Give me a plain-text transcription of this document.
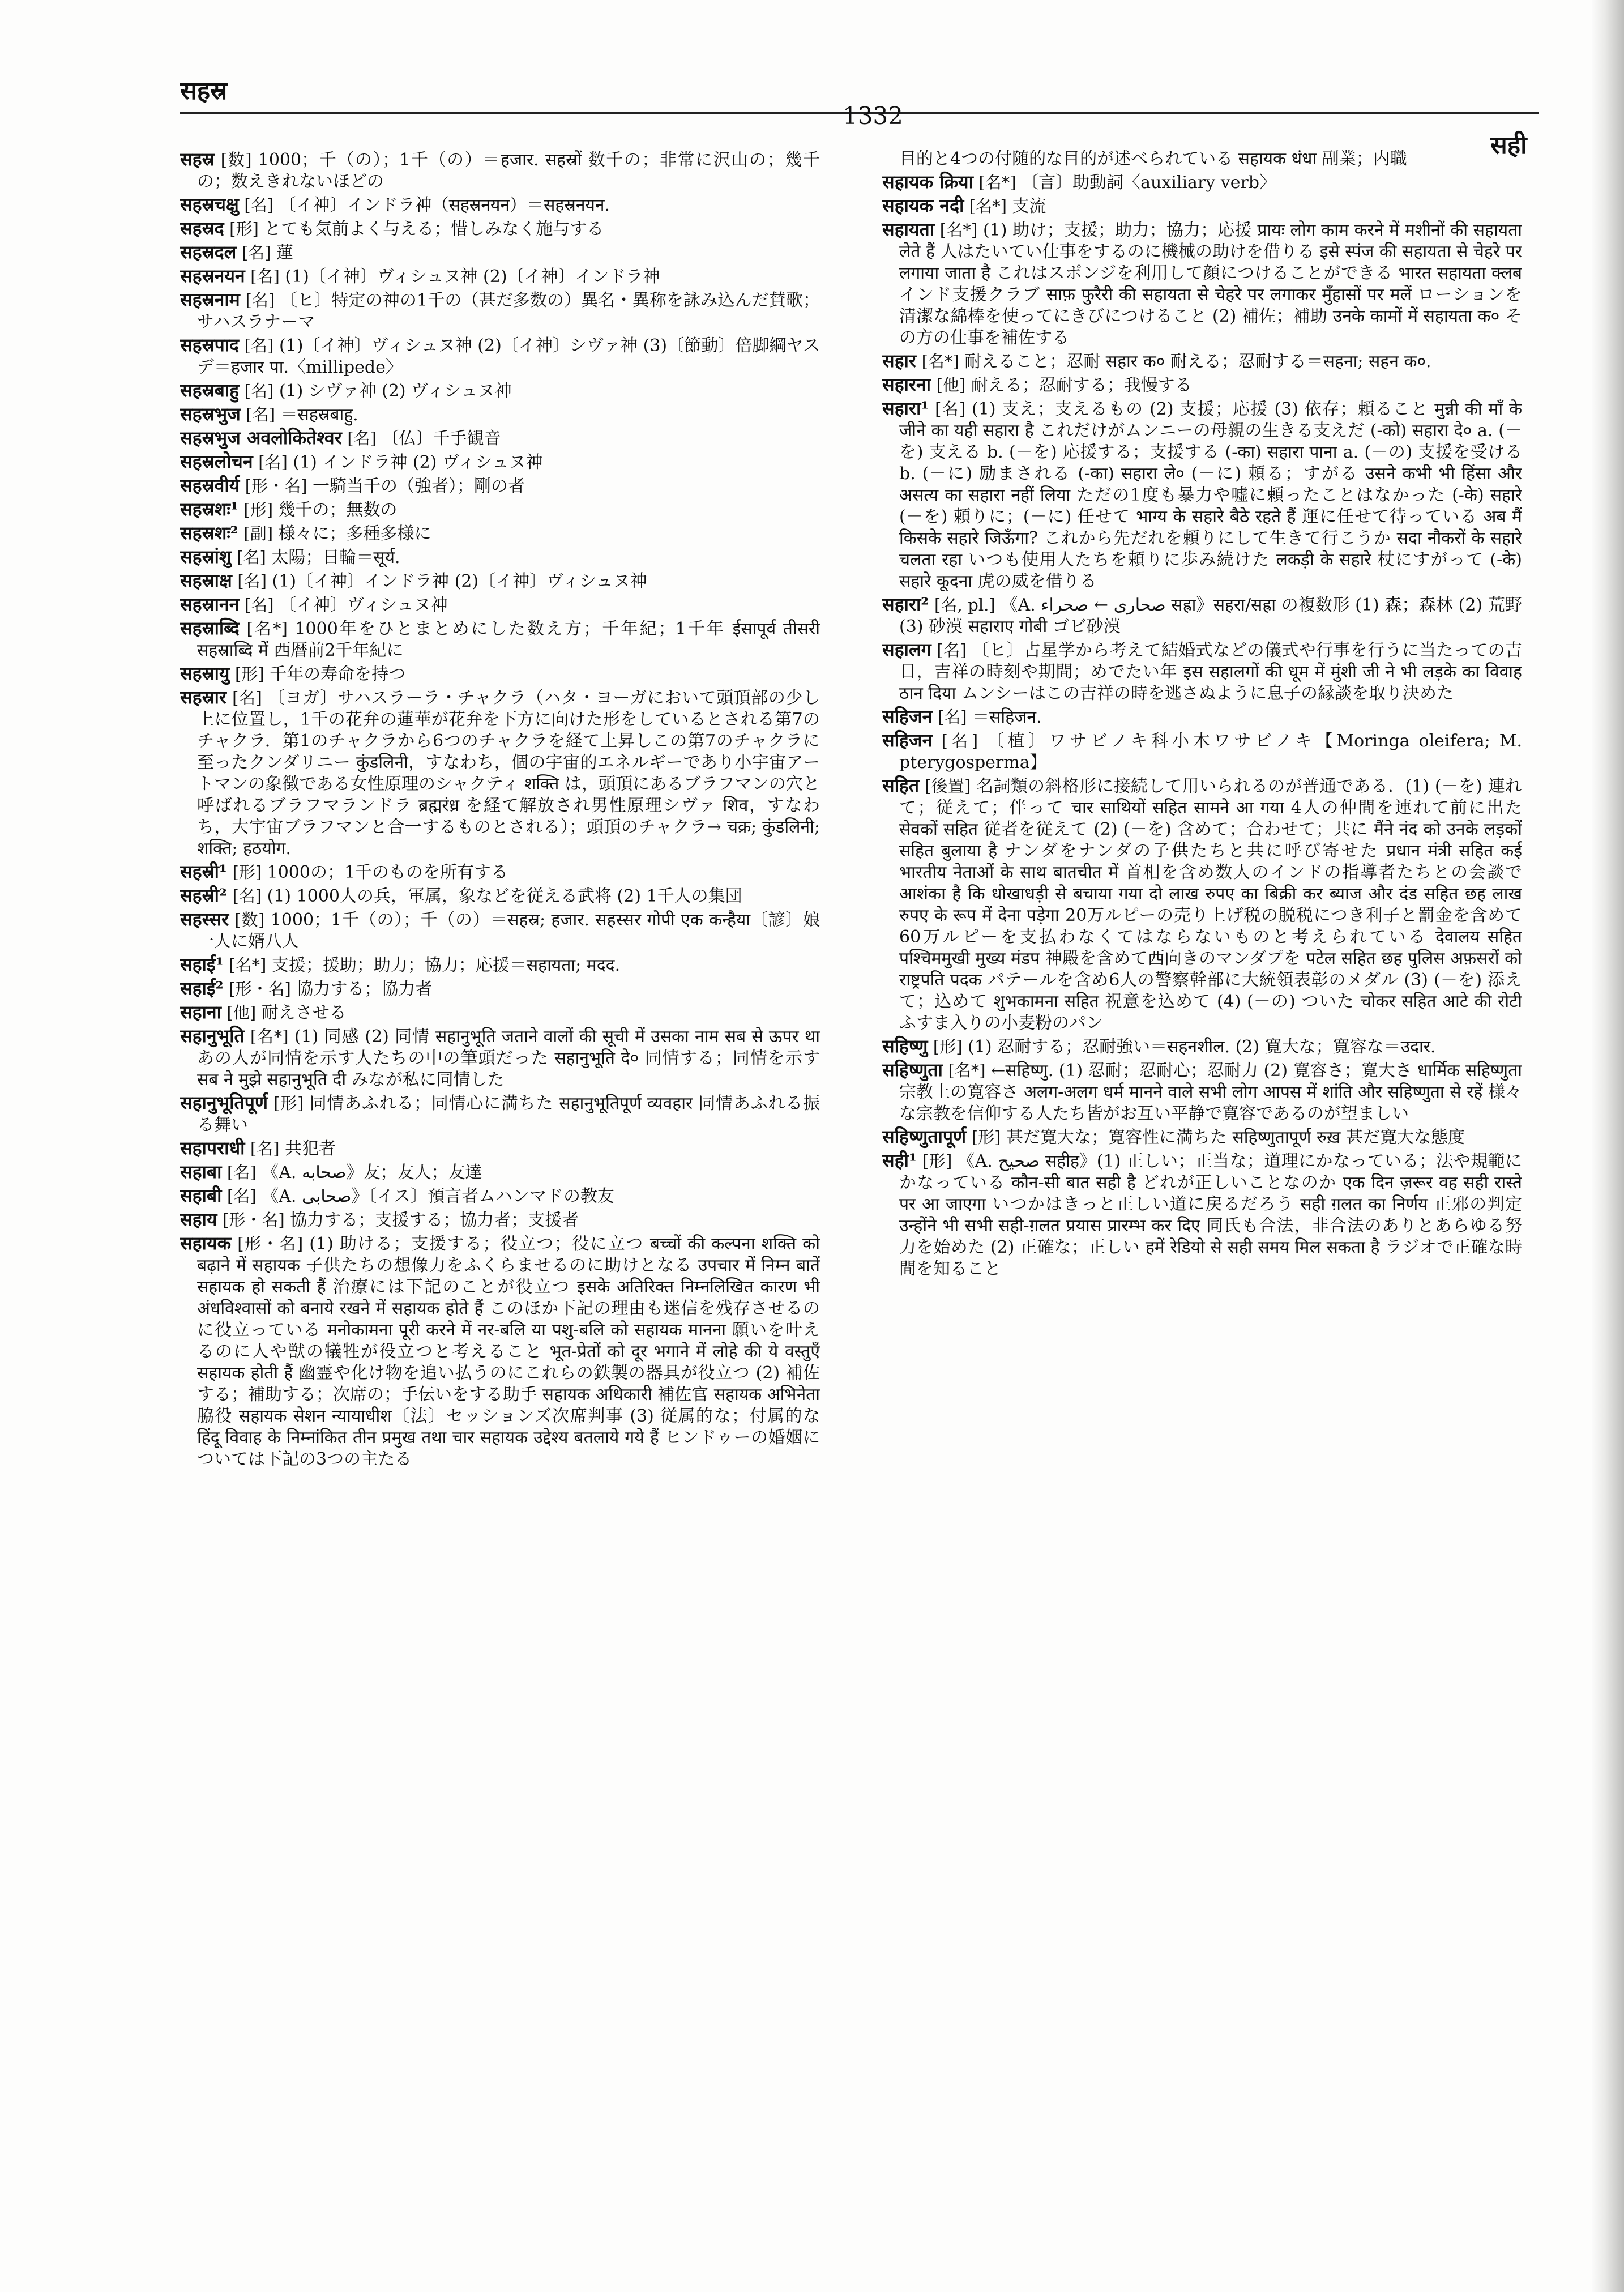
सहस्र
1332
सही

सहस्र [数] 1000；千（の）；1千（の）＝हजार. सहस्रों 数千の；非常に沢山の；幾千の；数えきれないほどの

सहस्रचक्षु [名] 〔イ神〕インドラ神（सहस्रनयन）＝सहस्रनयन.

सहस्रद [形] とても気前よく与える；惜しみなく施与する

सहस्रदल [名] 蓮

सहस्रनयन [名] (1)〔イ神〕ヴィシュヌ神 (2)〔イ神〕インドラ神

सहस्रनाम [名] 〔ヒ〕特定の神の1千の（甚だ多数の）異名・異称を詠み込んだ賛歌；サハスラナーマ

सहस्रपाद [名] (1)〔イ神〕ヴィシュヌ神 (2)〔イ神〕シヴァ神 (3)〔節動〕倍脚綱ヤスデ＝हजार पा.〈millipede〉

सहस्रबाहु [名] (1) シヴァ神 (2) ヴィシュヌ神

सहस्रभुज [名] ＝सहस्रबाहु.

सहस्रभुज अवलोकितेश्वर [名] 〔仏〕千手観音

सहस्रलोचन [名] (1) インドラ神 (2) ヴィシュヌ神

सहस्रवीर्य [形・名] 一騎当千の（強者）；剛の者

सहस्रशः¹ [形] 幾千の；無数の

सहस्रशः² [副] 様々に；多種多様に

सहस्रांशु [名] 太陽；日輪＝सूर्य.

सहस्राक्ष [名] (1)〔イ神〕インドラ神 (2)〔イ神〕ヴィシュヌ神

सहस्रानन [名] 〔イ神〕ヴィシュヌ神

सहस्राब्दि [名*] 1000年をひとまとめにした数え方；千年紀；1千年 ईसापूर्व तीसरी सहस्राब्दि में 西暦前2千年紀に

सहस्रायु [形] 千年の寿命を持つ

सहस्रार [名] 〔ヨガ〕サハスラーラ・チャクラ（ハタ・ヨーガにおいて頭頂部の少し上に位置し，1千の花弁の蓮華が花弁を下方に向けた形をしているとされる第7のチャクラ．第1のチャクラから6つのチャクラを経て上昇しこの第7のチャクラに至ったクンダリニー कुंडलिनी，すなわち，個の宇宙的エネルギーであり小宇宙アートマンの象徴である女性原理のシャクティ शक्ति は，頭頂にあるブラフマンの穴と呼ばれるブラフマランドラ ब्रह्मरंध्र を経て解放され男性原理シヴァ शिव，すなわち，大宇宙ブラフマンと合一するものとされる）；頭頂のチャクラ→ चक्र; कुंडलिनी; शक्ति; हठयोग.

सहस्री¹ [形] 1000の；1千のものを所有する

सहस्री² [名] (1) 1000人の兵，軍属，象などを従える武将 (2) 1千人の集団

सहस्सर [数] 1000；1千（の）；千（の）＝सहस्र; हजार. सहस्सर गोपी एक कन्हैया〔諺〕娘一人に婿八人

सहाई¹ [名*] 支援；援助；助力；協力；応援＝सहायता; मदद.

सहाई² [形・名] 協力する；協力者

सहाना [他] 耐えさせる

सहानुभूति [名*] (1) 同感 (2) 同情 सहानुभूति जताने वालों की सूची में उसका नाम सब से ऊपर था あの人が同情を示す人たちの中の筆頭だった सहानुभूति दे० 同情する；同情を示す सब ने मुझे सहानुभूति दी みなが私に同情した

सहानुभूतिपूर्ण [形] 同情あふれる；同情心に満ちた सहानुभूतिपूर्ण व्यवहार 同情あふれる振る舞い

सहापराधी [名] 共犯者

सहाबा [名] 《A. صحابه》友；友人；友達

सहाबी [名] 《A. صحابی》〔イス〕預言者ムハンマドの教友

सहाय [形・名] 協力する；支援する；協力者；支援者

सहायक [形・名] (1) 助ける；支援する；役立つ；役に立つ बच्चों की कल्पना शक्ति को बढ़ाने में सहायक 子供たちの想像力をふくらませるのに助けとなる उपचार में निम्न बातें सहायक हो सकती हैं 治療には下記のことが役立つ इसके अतिरिक्त निम्नलिखित कारण भी अंधविश्वासों को बनाये रखने में सहायक होते हैं このほか下記の理由も迷信を残存させるのに役立っている मनोकामना पूरी करने में नर-बलि या पशु-बलि को सहायक मानना 願いを叶えるのに人や獣の犠牲が役立つと考えること भूत-प्रेतों को दूर भगाने में लोहे की ये वस्तुएँ सहायक होती हैं 幽霊や化け物を追い払うのにこれらの鉄製の器具が役立つ (2) 補佐する；補助する；次席の；手伝いをする助手 सहायक अधिकारी 補佐官 सहायक अभिनेता 脇役 सहायक सेशन न्यायाधीश〔法〕セッションズ次席判事 (3) 従属的な；付属的な हिंदू विवाह के निम्नांकित तीन प्रमुख तथा चार सहायक उद्देश्य बतलाये गये हैं ヒンドゥーの婚姻については下記の3つの主たる

目的と4つの付随的な目的が述べられている सहायक धंधा 副業；内職

सहायक क्रिया [名*] 〔言〕助動詞〈auxiliary verb〉

सहायक नदी [名*] 支流

सहायता [名*] (1) 助け；支援；助力；協力；応援 प्रायः लोग काम करने में मशीनों की सहायता लेते हैं 人はたいてい仕事をするのに機械の助けを借りる इसे स्पंज की सहायता से चेहरे पर लगाया जाता है これはスポンジを利用して顔につけることができる भारत सहायता क्लब インド支援クラブ साफ़ फुरैरी की सहायता से चेहरे पर लगाकर मुँहासों पर मलें ローションを清潔な綿棒を使ってにきびにつけること (2) 補佐；補助 उनके कामों में सहायता क० その方の仕事を補佐する

सहार [名*] 耐えること；忍耐 सहार क० 耐える；忍耐する＝सहना; सहन क०.

सहारना [他] 耐える；忍耐する；我慢する

सहारा¹ [名] (1) 支え；支えるもの (2) 支援；応援 (3) 依存；頼ること मुन्नी की माँ के जीने का यही सहारा है これだけがムンニーの母親の生きる支えだ (-को) सहारा दे० a. (－を) 支える b. (－を) 応援する；支援する (-का) सहारा पाना a. (－の) 支援を受ける b. (－に) 励まされる (-का) सहारा ले० (－に) 頼る；すがる उसने कभी भी हिंसा और असत्य का सहारा नहीं लिया ただの1度も暴力や嘘に頼ったことはなかった (-के) सहारे (－を) 頼りに；(－に) 任せて भाग्य के सहारे बैठे रहते हैं 運に任せて待っている अब मैं किसके सहारे जिऊँगा? これから先だれを頼りにして生きて行こうか सदा नौकरों के सहारे चलता रहा いつも使用人たちを頼りに歩み続けた लकड़ी के सहारे 杖にすがって (-के) सहारे कूदना 虎の威を借りる

सहारा² [名, pl.] 《A. صحارى ← صحراء सह्रा》सहरा/सह्रा の複数形 (1) 森；森林 (2) 荒野 (3) 砂漠 सहाराए गोबी ゴビ砂漠

सहालग [名] 〔ヒ〕占星学から考えて結婚式などの儀式や行事を行うに当たっての吉日，吉祥の時刻や期間；めでたい年 इस सहालगों की धूम में मुंशी जी ने भी लड़के का विवाह ठान दिया ムンシーはこの吉祥の時を逃さぬように息子の縁談を取り決めた

सहिजन [名] ＝सहिजन.

सहिजन [名] 〔植〕ワサビノキ科小木ワサビノキ【Moringa oleifera; M. pterygosperma】

सहित [後置] 名詞類の斜格形に接続して用いられるのが普通である．(1) (－を) 連れて；従えて；伴って चार साथियों सहित सामने आ गया 4人の仲間を連れて前に出た सेवकों सहित 従者を従えて (2) (－を) 含めて；合わせて；共に मैंने नंद को उनके लड़कों सहित बुलाया है ナンダをナンダの子供たちと共に呼び寄せた प्रधान मंत्री सहित कई भारतीय नेताओं के साथ बातचीत में 首相を含め数人のインドの指導者たちとの会談で आशंका है कि धोखाधड़ी से बचाया गया दो लाख रुपए का बिक्री कर ब्याज और दंड सहित छह लाख रुपए के रूप में देना पड़ेगा 20万ルピーの売り上げ税の脱税につき利子と罰金を含めて60万ルピーを支払わなくてはならないものと考えられている देवालय सहित पश्चिममुखी मुख्य मंडप 神殿を含めて西向きのマンダプを पटेल सहित छह पुलिस अफ़सरों को राष्ट्रपति पदक パテールを含め6人の警察幹部に大統領表彰のメダル (3) (－を) 添えて；込めて शुभकामना सहित 祝意を込めて (4) (－の) ついた चोकर सहित आटे की रोटी ふすま入りの小麦粉のパン

सहिष्णु [形] (1) 忍耐する；忍耐強い＝सहनशील. (2) 寛大な；寛容な＝उदार.

सहिष्णुता [名*] ←सहिष्णु. (1) 忍耐；忍耐心；忍耐力 (2) 寛容さ；寛大さ धार्मिक सहिष्णुता 宗教上の寛容さ अलग-अलग धर्म मानने वाले सभी लोग आपस में शांति और सहिष्णुता से रहें 様々な宗教を信仰する人たち皆がお互い平静で寛容であるのが望ましい

सहिष्णुतापूर्ण [形] 甚だ寛大な；寛容性に満ちた सहिष्णुतापूर्ण रुख़ 甚だ寛大な態度

सही¹ [形] 《A. صحيح सहीह》(1) 正しい；正当な；道理にかなっている；法や規範にかなっている कौन-सी बात सही है どれが正しいことなのか एक दिन ज़रूर वह सही रास्ते पर आ जाएगा いつかはきっと正しい道に戻るだろう सही ग़लत का निर्णय 正邪の判定 उन्होंने भी सभी सही-ग़लत प्रयास प्रारम्भ कर दिए 同氏も合法，非合法のありとあらゆる努力を始めた (2) 正確な；正しい हमें रेडियो से सही समय मिल सकता है ラジオで正確な時間を知ること
